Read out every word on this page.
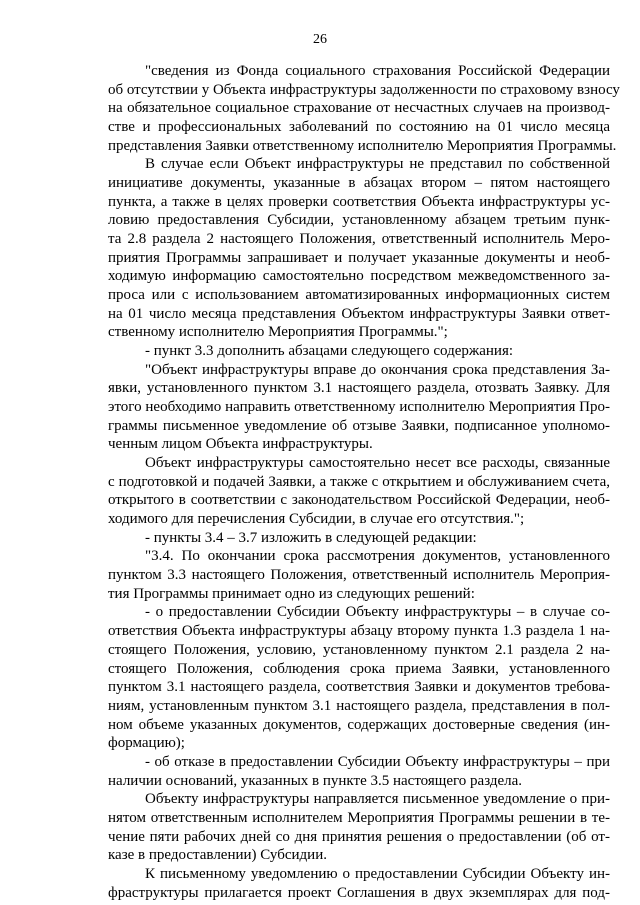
26
"сведения из Фонда социального страхования Российской Федерации
об отсутствии у Объекта инфраструктуры задолженности по страховому взносу
на обязательное социальное страхование от несчастных случаев на производ-
стве и профессиональных заболеваний по состоянию на 01 число месяца
представления Заявки ответственному исполнителю Мероприятия Программы.
В случае если Объект инфраструктуры не представил по собственной
инициативе документы, указанные в абзацах втором – пятом настоящего
пункта, а также в целях проверки соответствия Объекта инфраструктуры ус-
ловию предоставления Субсидии, установленному абзацем третьим пунк-
та 2.8 раздела 2 настоящего Положения, ответственный исполнитель Меро-
приятия Программы запрашивает и получает указанные документы и необ-
ходимую информацию самостоятельно посредством межведомственного за-
проса или с использованием автоматизированных информационных систем
на 01 число месяца представления Объектом инфраструктуры Заявки ответ-
ственному исполнителю Мероприятия Программы.";
- пункт 3.3 дополнить абзацами следующего содержания:
"Объект инфраструктуры вправе до окончания срока представления За-
явки, установленного пунктом 3.1 настоящего раздела, отозвать Заявку. Для
этого необходимо направить ответственному исполнителю Мероприятия Про-
граммы письменное уведомление об отзыве Заявки, подписанное уполномо-
ченным лицом Объекта инфраструктуры.
Объект инфраструктуры самостоятельно несет все расходы, связанные
с подготовкой и подачей Заявки, а также с открытием и обслуживанием счета,
открытого в соответствии с законодательством Российской Федерации, необ-
ходимого для перечисления Субсидии, в случае его отсутствия.";
- пункты 3.4 – 3.7 изложить в следующей редакции:
"3.4. По окончании срока рассмотрения документов, установленного
пунктом 3.3 настоящего Положения, ответственный исполнитель Мероприя-
тия Программы принимает одно из следующих решений:
- о предоставлении Субсидии Объекту инфраструктуры – в случае со-
ответствия Объекта инфраструктуры абзацу второму пункта 1.3 раздела 1 на-
стоящего Положения, условию, установленному пунктом 2.1 раздела 2 на-
стоящего Положения, соблюдения срока приема Заявки, установленного
пунктом 3.1 настоящего раздела, соответствия Заявки и документов требова-
ниям, установленным пунктом 3.1 настоящего раздела, представления в пол-
ном объеме указанных документов, содержащих достоверные сведения (ин-
формацию);
- об отказе в предоставлении Субсидии Объекту инфраструктуры – при
наличии оснований, указанных в пункте 3.5 настоящего раздела.
Объекту инфраструктуры направляется письменное уведомление о при-
нятом ответственным исполнителем Мероприятия Программы решении в те-
чение пяти рабочих дней со дня принятия решения о предоставлении (об от-
казе в предоставлении) Субсидии.
К письменному уведомлению о предоставлении Субсидии Объекту ин-
фраструктуры прилагается проект Соглашения в двух экземплярах для под-
